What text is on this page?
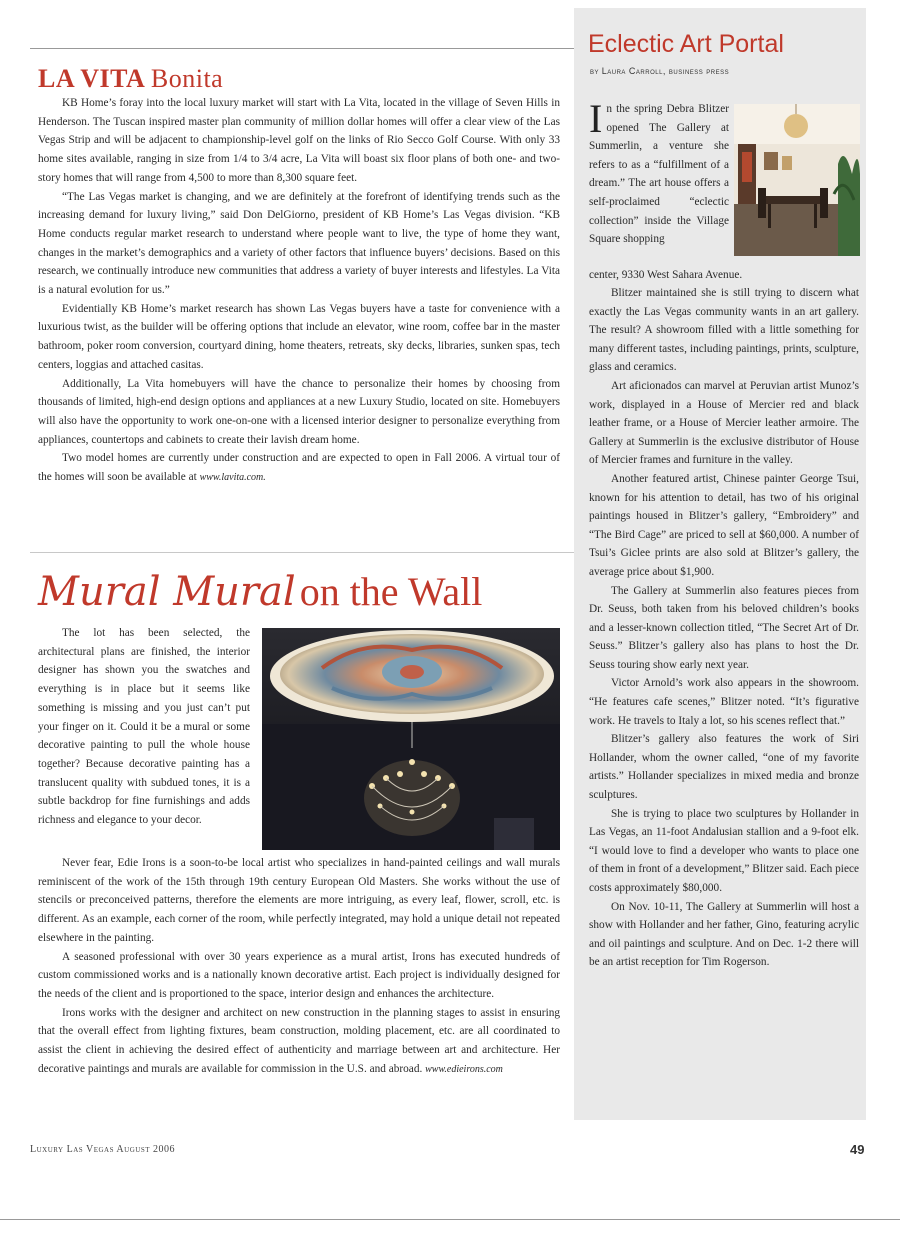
LA VITA Bonita

KB Home’s foray into the local luxury market will start with La Vita, located in the village of Seven Hills in Henderson. The Tuscan inspired master plan community of million dollar homes will offer a clear view of the Las Vegas Strip and will be adjacent to championship-level golf on the links of Rio Secco Golf Course. With only 33 home sites available, ranging in size from 1/4 to 3/4 acre, La Vita will boast six floor plans of both one- and two-story homes that will range from 4,500 to more than 8,300 square feet.

“The Las Vegas market is changing, and we are definitely at the forefront of identifying trends such as the increasing demand for luxury living,” said Don DelGiorno, president of KB Home’s Las Vegas division. “KB Home conducts regular market research to understand where people want to live, the type of home they want, changes in the market’s demographics and a variety of other factors that influence buyers’ decisions. Based on this research, we continually introduce new communities that address a variety of buyer interests and lifestyles. La Vita is a natural evolution for us.”

Evidentially KB Home’s market research has shown Las Vegas buyers have a taste for convenience with a luxurious twist, as the builder will be offering options that include an elevator, wine room, coffee bar in the master bathroom, poker room conversion, courtyard dining, home theaters, retreats, sky decks, libraries, sunken spas, tech centers, loggias and attached casitas.

Additionally, La Vita homebuyers will have the chance to personalize their homes by choosing from thousands of limited, high-end design options and appliances at a new Luxury Studio, located on site. Homebuyers will also have the opportunity to work one-on-one with a licensed interior designer to personalize everything from appliances, countertops and cabinets to create their lavish dream home.

Two model homes are currently under construction and are expected to open in Fall 2006. A virtual tour of the homes will soon be available at www.lavita.com.

Mural Mural on the Wall

The lot has been selected, the architectural plans are finished, the interior designer has shown you the swatches and everything is in place but it seems like something is missing and you just can’t put your finger on it. Could it be a mural or some decorative painting to pull the whole house together? Because decorative painting has a translucent quality with subdued tones, it is a subtle backdrop for fine furnishings and adds richness and elegance to your decor.

Never fear, Edie Irons is a soon-to-be local artist who specializes in hand-painted ceilings and wall murals reminiscent of the work of the 15th through 19th century European Old Masters. She works without the use of stencils or preconceived patterns, therefore the elements are more intriguing, as every leaf, flower, scroll, etc. is different. As an example, each corner of the room, while perfectly integrated, may hold a unique detail not repeated elsewhere in the painting.

A seasoned professional with over 30 years experience as a mural artist, Irons has executed hundreds of custom commissioned works and is a nationally known decorative artist. Each project is individually designed for the needs of the client and is proportioned to the space, interior design and enhances the architecture.

Irons works with the designer and architect on new construction in the planning stages to assist in ensuring that the overall effect from lighting fixtures, beam construction, molding placement, etc. are all coordinated to assist the client in achieving the desired effect of authenticity and marriage between art and architecture. Her decorative paintings and murals are available for commission in the U.S. and abroad. www.edieirons.com

Eclectic Art Portal
by Laura Carroll, business press

In the spring Debra Blitzer opened The Gallery at Summerlin, a venture she refers to as a “fulfillment of a dream.” The art house offers a self-proclaimed “eclectic collection” inside the Village Square shopping

center, 9330 West Sahara Avenue.

Blitzer maintained she is still trying to discern what exactly the Las Vegas community wants in an art gallery. The result? A showroom filled with a little something for many different tastes, including paintings, prints, sculpture, glass and ceramics.

Art aficionados can marvel at Peruvian artist Munoz’s work, displayed in a House of Mercier red and black leather frame, or a House of Mercier leather armoire. The Gallery at Summerlin is the exclusive distributor of House of Mercier frames and furniture in the valley.

Another featured artist, Chinese painter George Tsui, known for his attention to detail, has two of his original paintings housed in Blitzer’s gallery, “Embroidery” and “The Bird Cage” are priced to sell at $60,000. A number of Tsui’s Giclee prints are also sold at Blitzer’s gallery, the average price about $1,900.

The Gallery at Summerlin also features pieces from Dr. Seuss, both taken from his beloved children’s books and a lesser-known collection titled, “The Secret Art of Dr. Seuss.” Blitzer’s gallery also has plans to host the Dr. Seuss touring show early next year.

Victor Arnold’s work also appears in the showroom. “He features cafe scenes,” Blitzer noted. “It’s figurative work. He travels to Italy a lot, so his scenes reflect that.”

Blitzer’s gallery also features the work of Siri Hollander, whom the owner called, “one of my favorite artists.” Hollander specializes in mixed media and bronze sculptures.

She is trying to place two sculptures by Hollander in Las Vegas, an 11-foot Andalusian stallion and a 9-foot elk. “I would love to find a developer who wants to place one of them in front of a development,” Blitzer said. Each piece costs approximately $80,000.

On Nov. 10-11, The Gallery at Summerlin will host a show with Hollander and her father, Gino, featuring acrylic and oil paintings and sculpture. And on Dec. 1-2 there will be an artist reception for Tim Rogerson.

Luxury Las Vegas August 2006	49
